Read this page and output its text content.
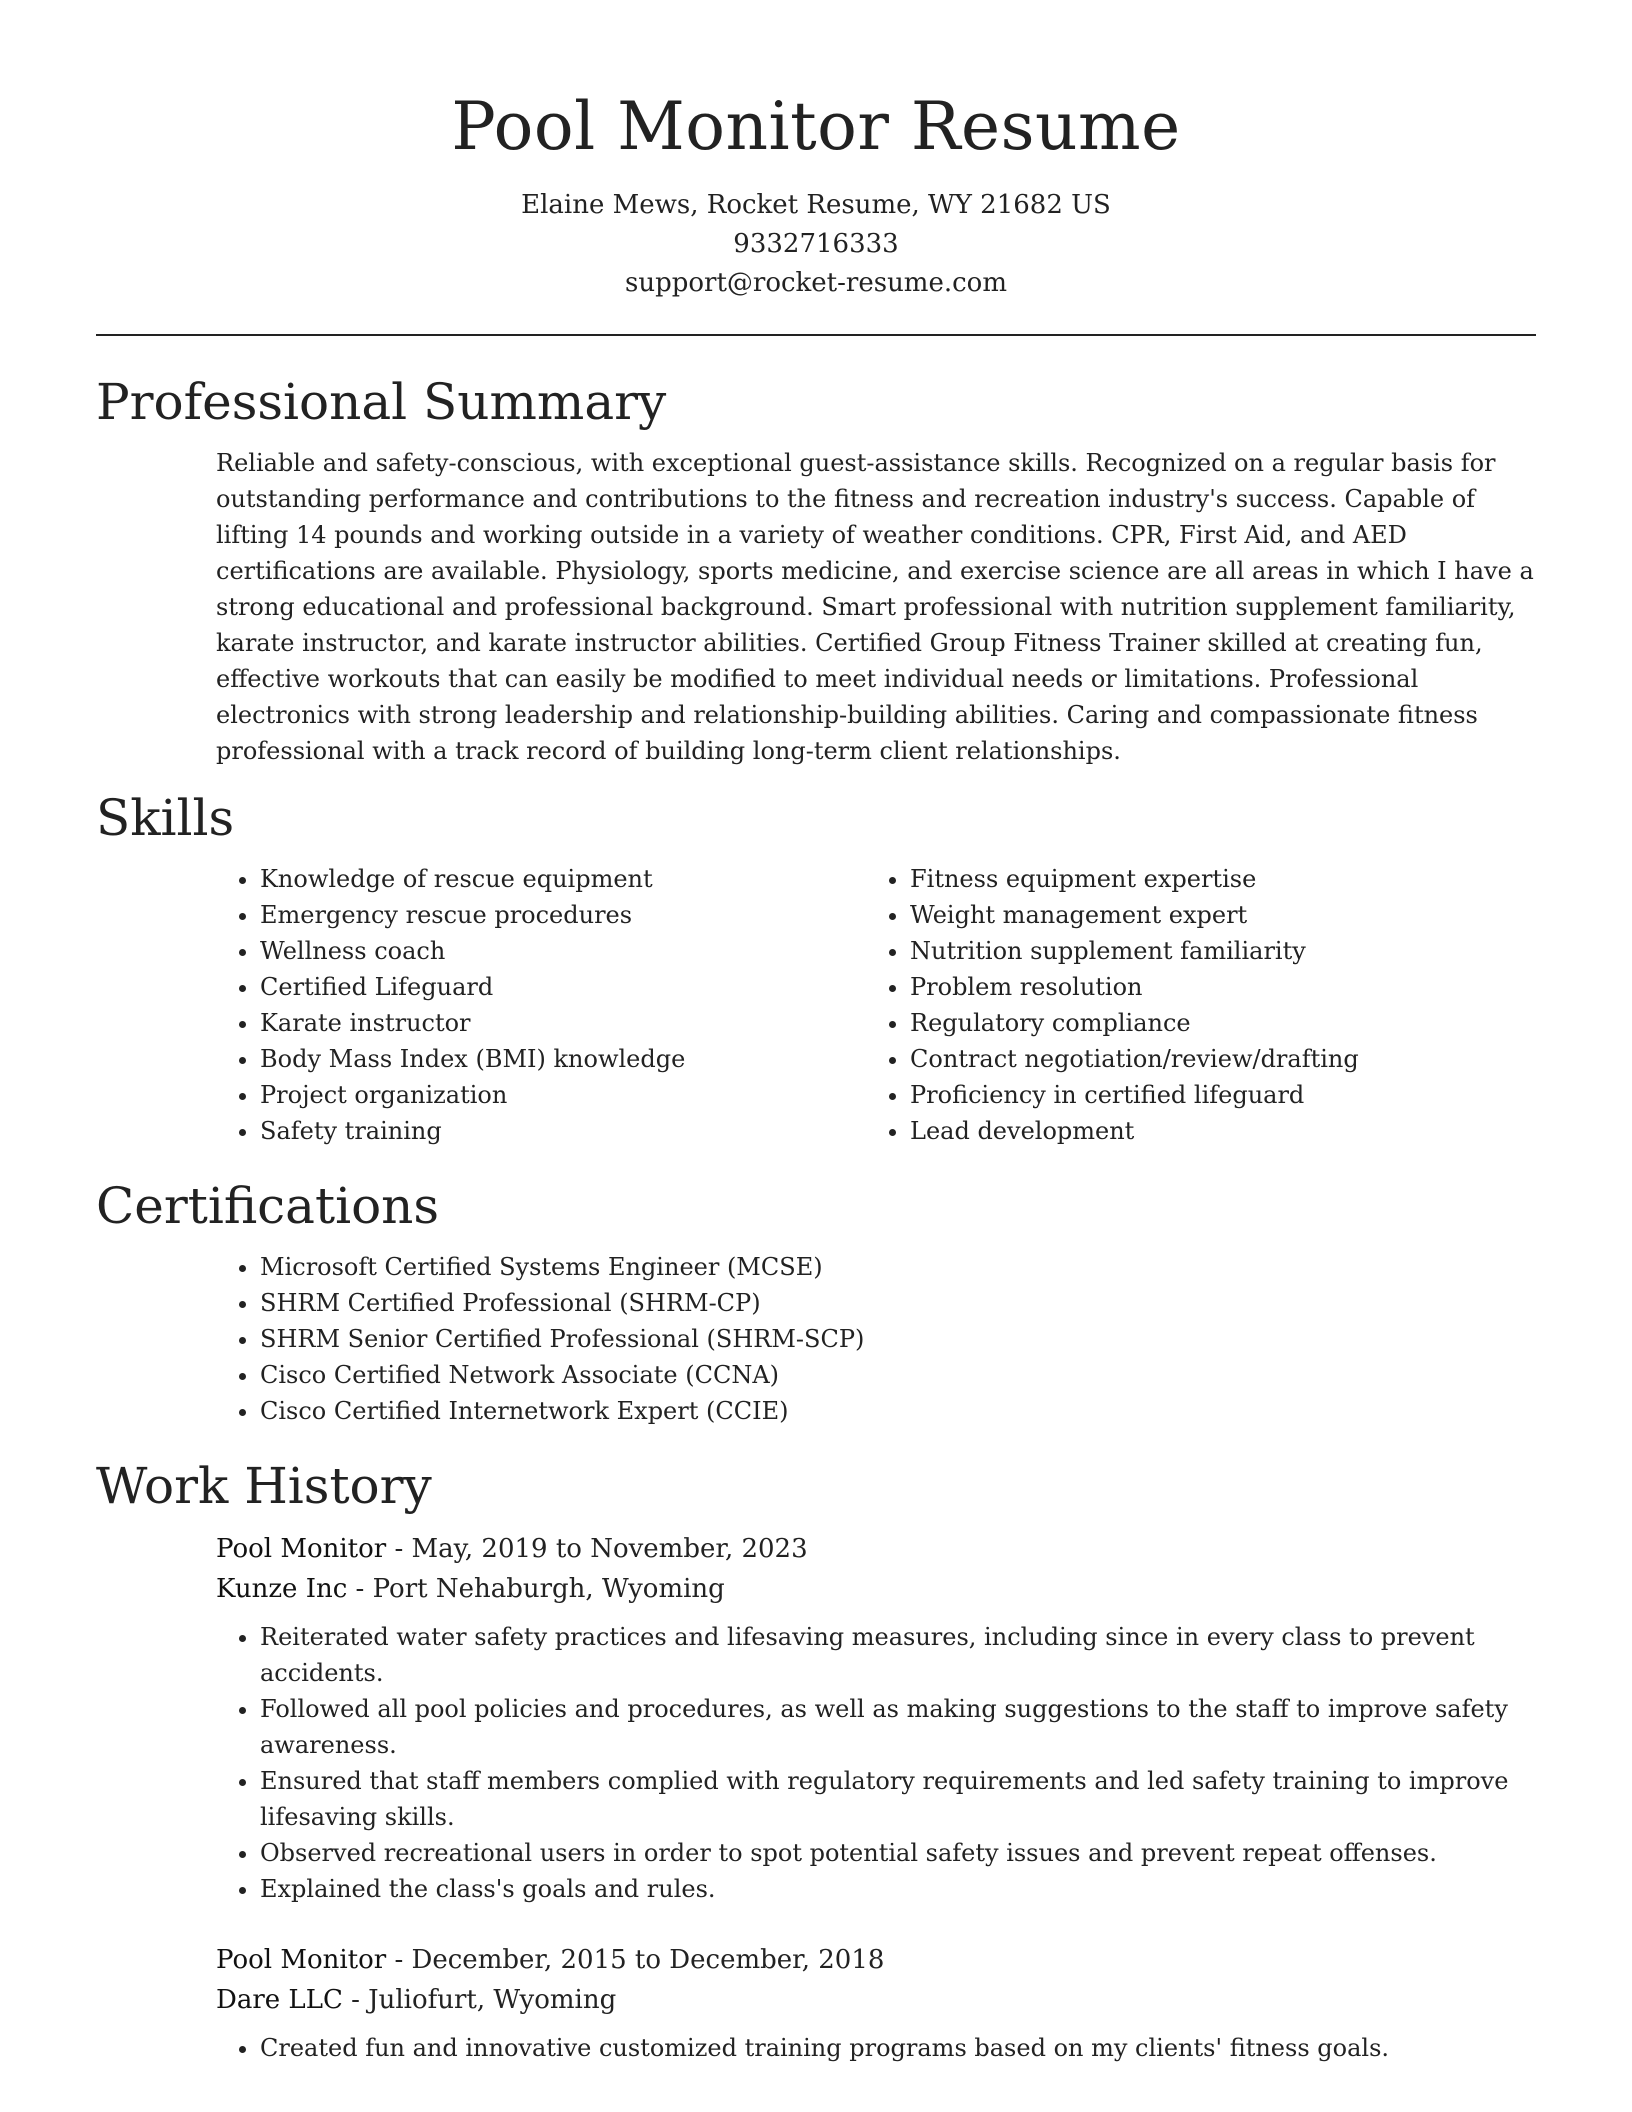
Pool Monitor Resume
Elaine Mews, Rocket Resume, WY 21682 US
9332716333
support@rocket-resume.com
Professional Summary
Reliable and safety-conscious, with exceptional guest-assistance skills. Recognized on a regular basis for outstanding performance and contributions to the fitness and recreation industry's success. Capable of lifting 14 pounds and working outside in a variety of weather conditions. CPR, First Aid, and AED certifications are available. Physiology, sports medicine, and exercise science are all areas in which I have a strong educational and professional background. Smart professional with nutrition supplement familiarity, karate instructor, and karate instructor abilities. Certified Group Fitness Trainer skilled at creating fun, effective workouts that can easily be modified to meet individual needs or limitations. Professional electronics with strong leadership and relationship-building abilities. Caring and compassionate fitness professional with a track record of building long-term client relationships.
Skills
• Knowledge of rescue equipment
• Emergency rescue procedures
• Wellness coach
• Certified Lifeguard
• Karate instructor
• Body Mass Index (BMI) knowledge
• Project organization
• Safety training
• Fitness equipment expertise
• Weight management expert
• Nutrition supplement familiarity
• Problem resolution
• Regulatory compliance
• Contract negotiation/review/drafting
• Proficiency in certified lifeguard
• Lead development
Certifications
• Microsoft Certified Systems Engineer (MCSE)
• SHRM Certified Professional (SHRM-CP)
• SHRM Senior Certified Professional (SHRM-SCP)
• Cisco Certified Network Associate (CCNA)
• Cisco Certified Internetwork Expert (CCIE)
Work History
Pool Monitor - May, 2019 to November, 2023
Kunze Inc - Port Nehaburgh, Wyoming
• Reiterated water safety practices and lifesaving measures, including since in every class to prevent accidents.
• Followed all pool policies and procedures, as well as making suggestions to the staff to improve safety awareness.
• Ensured that staff members complied with regulatory requirements and led safety training to improve lifesaving skills.
• Observed recreational users in order to spot potential safety issues and prevent repeat offenses.
• Explained the class's goals and rules.
Pool Monitor - December, 2015 to December, 2018
Dare LLC - Juliofurt, Wyoming
• Created fun and innovative customized training programs based on my clients' fitness goals.
